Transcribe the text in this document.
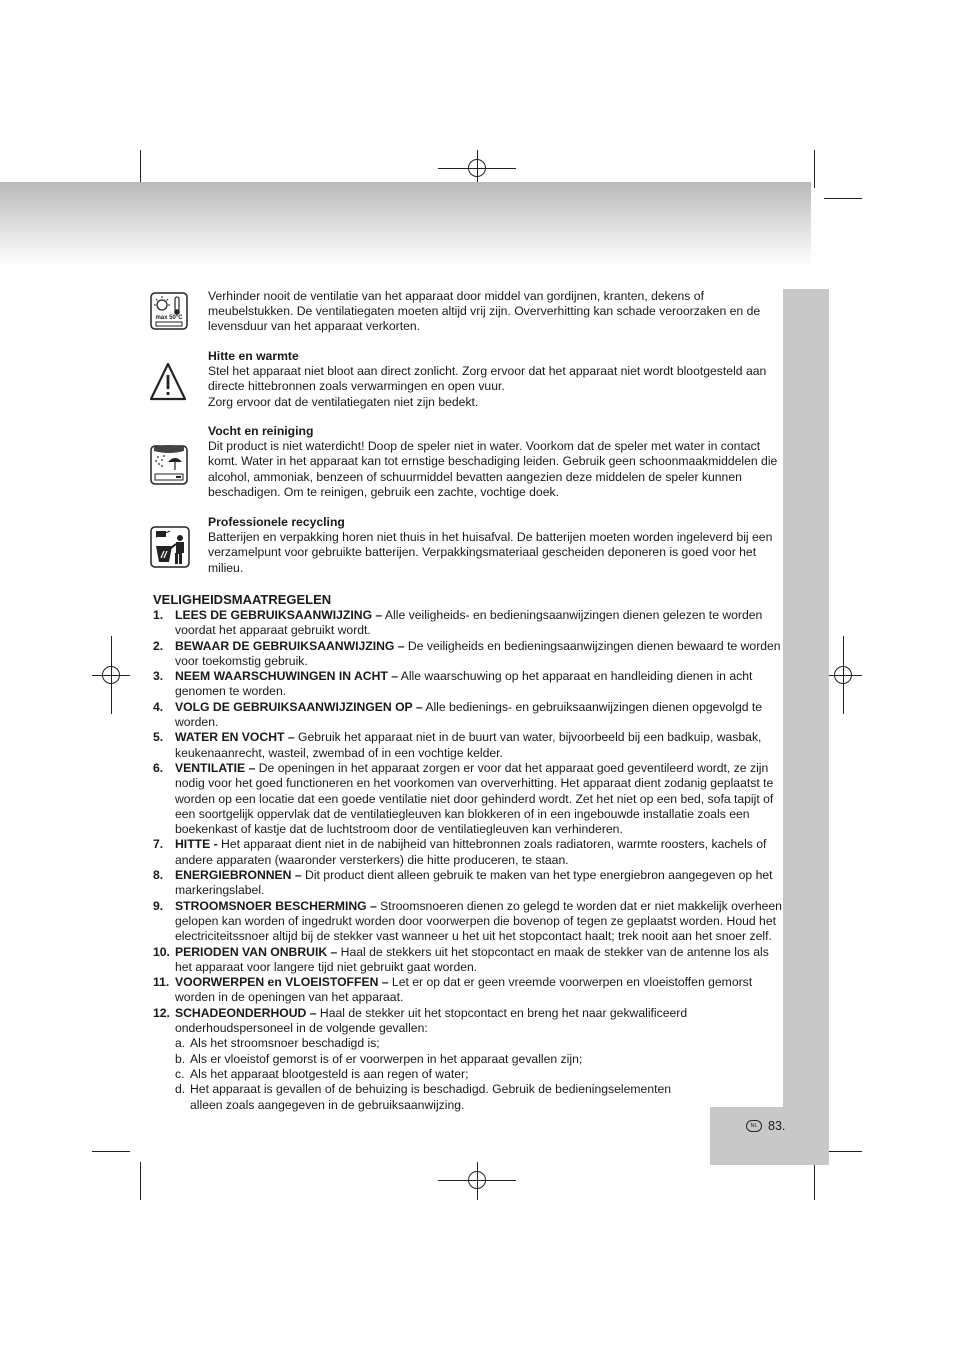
max 50°C

Verhinder nooit de ventilatie van het apparaat door middel van gordijnen, kranten, dekens of meubelstukken. De ventilatiegaten moeten altijd vrij zijn. Oververhitting kan schade veroorzaken en de levensduur van het apparaat verkorten.

Hitte en warmte

Stel het apparaat niet bloot aan direct zonlicht. Zorg ervoor dat het apparaat niet wordt blootgesteld aan directe hittebronnen zoals verwarmingen en open vuur.

Zorg ervoor dat de ventilatiegaten niet zijn bedekt.

Vocht en reiniging

Dit product is niet waterdicht! Doop de speler niet in water. Voorkom dat de speler met water in contact komt. Water in het apparaat kan tot ernstige beschadiging leiden. Gebruik geen schoonmaakmiddelen die alcohol, ammoniak, benzeen of schuurmiddel bevatten aangezien deze middelen de speler kunnen beschadigen. Om te reinigen, gebruik een zachte, vochtige doek.

Professionele recycling

Batterijen en verpakking horen niet thuis in het huisafval. De batterijen moeten worden ingeleverd bij een verzamelpunt voor gebruikte batterijen. Verpakkingsmateriaal gescheiden deponeren is goed voor het milieu.

VELIGHEIDSMAATREGELEN
1. LEES DE GEBRUIKSAANWIJZING – Alle veiligheids- en bedieningsaanwijzingen dienen gelezen te worden voordat het apparaat gebruikt wordt.
2. BEWAAR DE GEBRUIKSAANWIJZING – De veiligheids en bedieningsaanwijzingen dienen bewaard te worden voor toekomstig gebruik.
3. NEEM WAARSCHUWINGEN IN ACHT – Alle waarschuwing op het apparaat en handleiding dienen in acht genomen te worden.
4. VOLG DE GEBRUIKSAANWIJZINGEN OP – Alle bedienings- en gebruiksaanwijzingen dienen opgevolgd te worden.
5. WATER EN VOCHT – Gebruik het apparaat niet in de buurt van water, bijvoorbeeld bij een badkuip, wasbak, keukenaanrecht, wasteil, zwembad of in een vochtige kelder.
6. VENTILATIE – De openingen in het apparaat zorgen er voor dat het apparaat goed geventileerd wordt, ze zijn nodig voor het goed functioneren en het voorkomen van oververhitting. Het apparaat dient zodanig geplaatst te worden op een locatie dat een goede ventilatie niet door gehinderd wordt. Zet het niet op een bed, sofa tapijt of een soortgelijk oppervlak dat de ventilatiegleuven kan blokkeren of in een ingebouwde installatie zoals een boekenkast of kastje dat de luchtstroom door de ventilatiegleuven kan verhinderen.
7. HITTE - Het apparaat dient niet in de nabijheid van hittebronnen zoals radiatoren, warmte roosters, kachels of andere apparaten (waaronder versterkers) die hitte produceren, te staan.
8. ENERGIEBRONNEN – Dit product dient alleen gebruik te maken van het type energiebron aangegeven op het markeringslabel.
9. STROOMSNOER BESCHERMING – Stroomsnoeren dienen zo gelegd te worden dat er niet makkelijk overheen gelopen kan worden of ingedrukt worden door voorwerpen die bovenop of tegen ze geplaatst worden. Houd het electriciteitssnoer altijd bij de stekker vast wanneer u het uit het stopcontact haalt; trek nooit aan het snoer zelf.
10. PERIODEN VAN ONBRUIK – Haal de stekkers uit het stopcontact en maak de stekker van de antenne los als het apparaat voor langere tijd niet gebruikt gaat worden.
11. VOORWERPEN en VLOEISTOFFEN – Let er op dat er geen vreemde voorwerpen en vloeistoffen gemorst worden in de openingen van het apparaat.
12. SCHADEONDERHOUD – Haal de stekker uit het stopcontact en breng het naar gekwalificeerd onderhoudspersoneel in de volgende gevallen:
a. Als het stroomsnoer beschadigd is;
b. Als er vloeistof gemorst is of er voorwerpen in het apparaat gevallen zijn;
c. Als het apparaat blootgesteld is aan regen of water;
d. Het apparaat is gevallen of de behuizing is beschadigd. Gebruik de bedieningselementen alleen zoals aangegeven in de gebruiksaanwijzing.
NL 83.
